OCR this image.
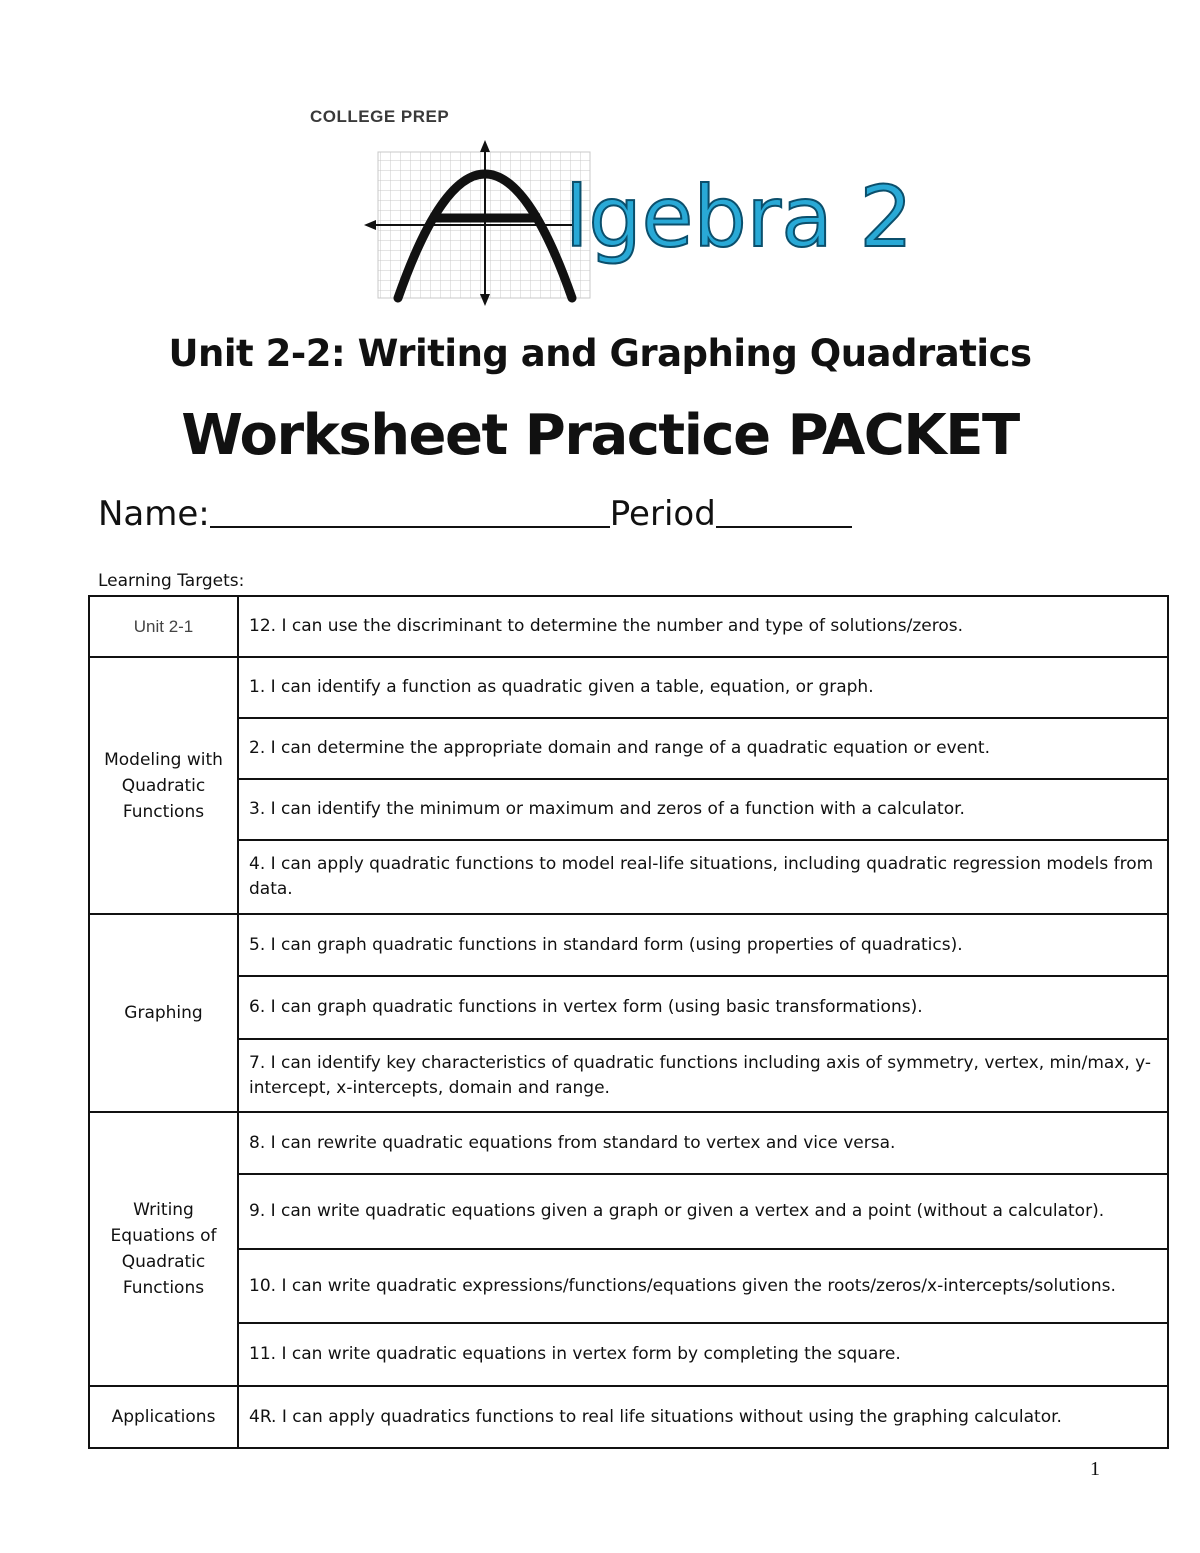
COLLEGE PREP
lgebra 2
Unit 2-2: Writing and Graphing Quadratics
Worksheet Practice PACKET
Name:	Period
Learning Targets:
Unit 2-1	12. I can use the discriminant to determine the number and type of solutions/zeros.
Modeling with Quadratic Functions	1. I can identify a function as quadratic given a table, equation, or graph.
	2. I can determine the appropriate domain and range of a quadratic equation or event.
	3. I can identify the minimum or maximum and zeros of a function with a calculator.
	4. I can apply quadratic functions to model real-life situations, including quadratic regression models from data.
Graphing	5. I can graph quadratic functions in standard form (using properties of quadratics).
	6. I can graph quadratic functions in vertex form (using basic transformations).
	7. I can identify key characteristics of quadratic functions including axis of symmetry, vertex, min/max, y-intercept, x-intercepts, domain and range.
Writing Equations of Quadratic Functions	8. I can rewrite quadratic equations from standard to vertex and vice versa.
	9. I can write quadratic equations given a graph or given a vertex and a point (without a calculator).
	10. I can write quadratic expressions/functions/equations given the roots/zeros/x-intercepts/solutions.
	11. I can write quadratic equations in vertex form by completing the square.
Applications	4R. I can apply quadratics functions to real life situations without using the graphing calculator.
1
